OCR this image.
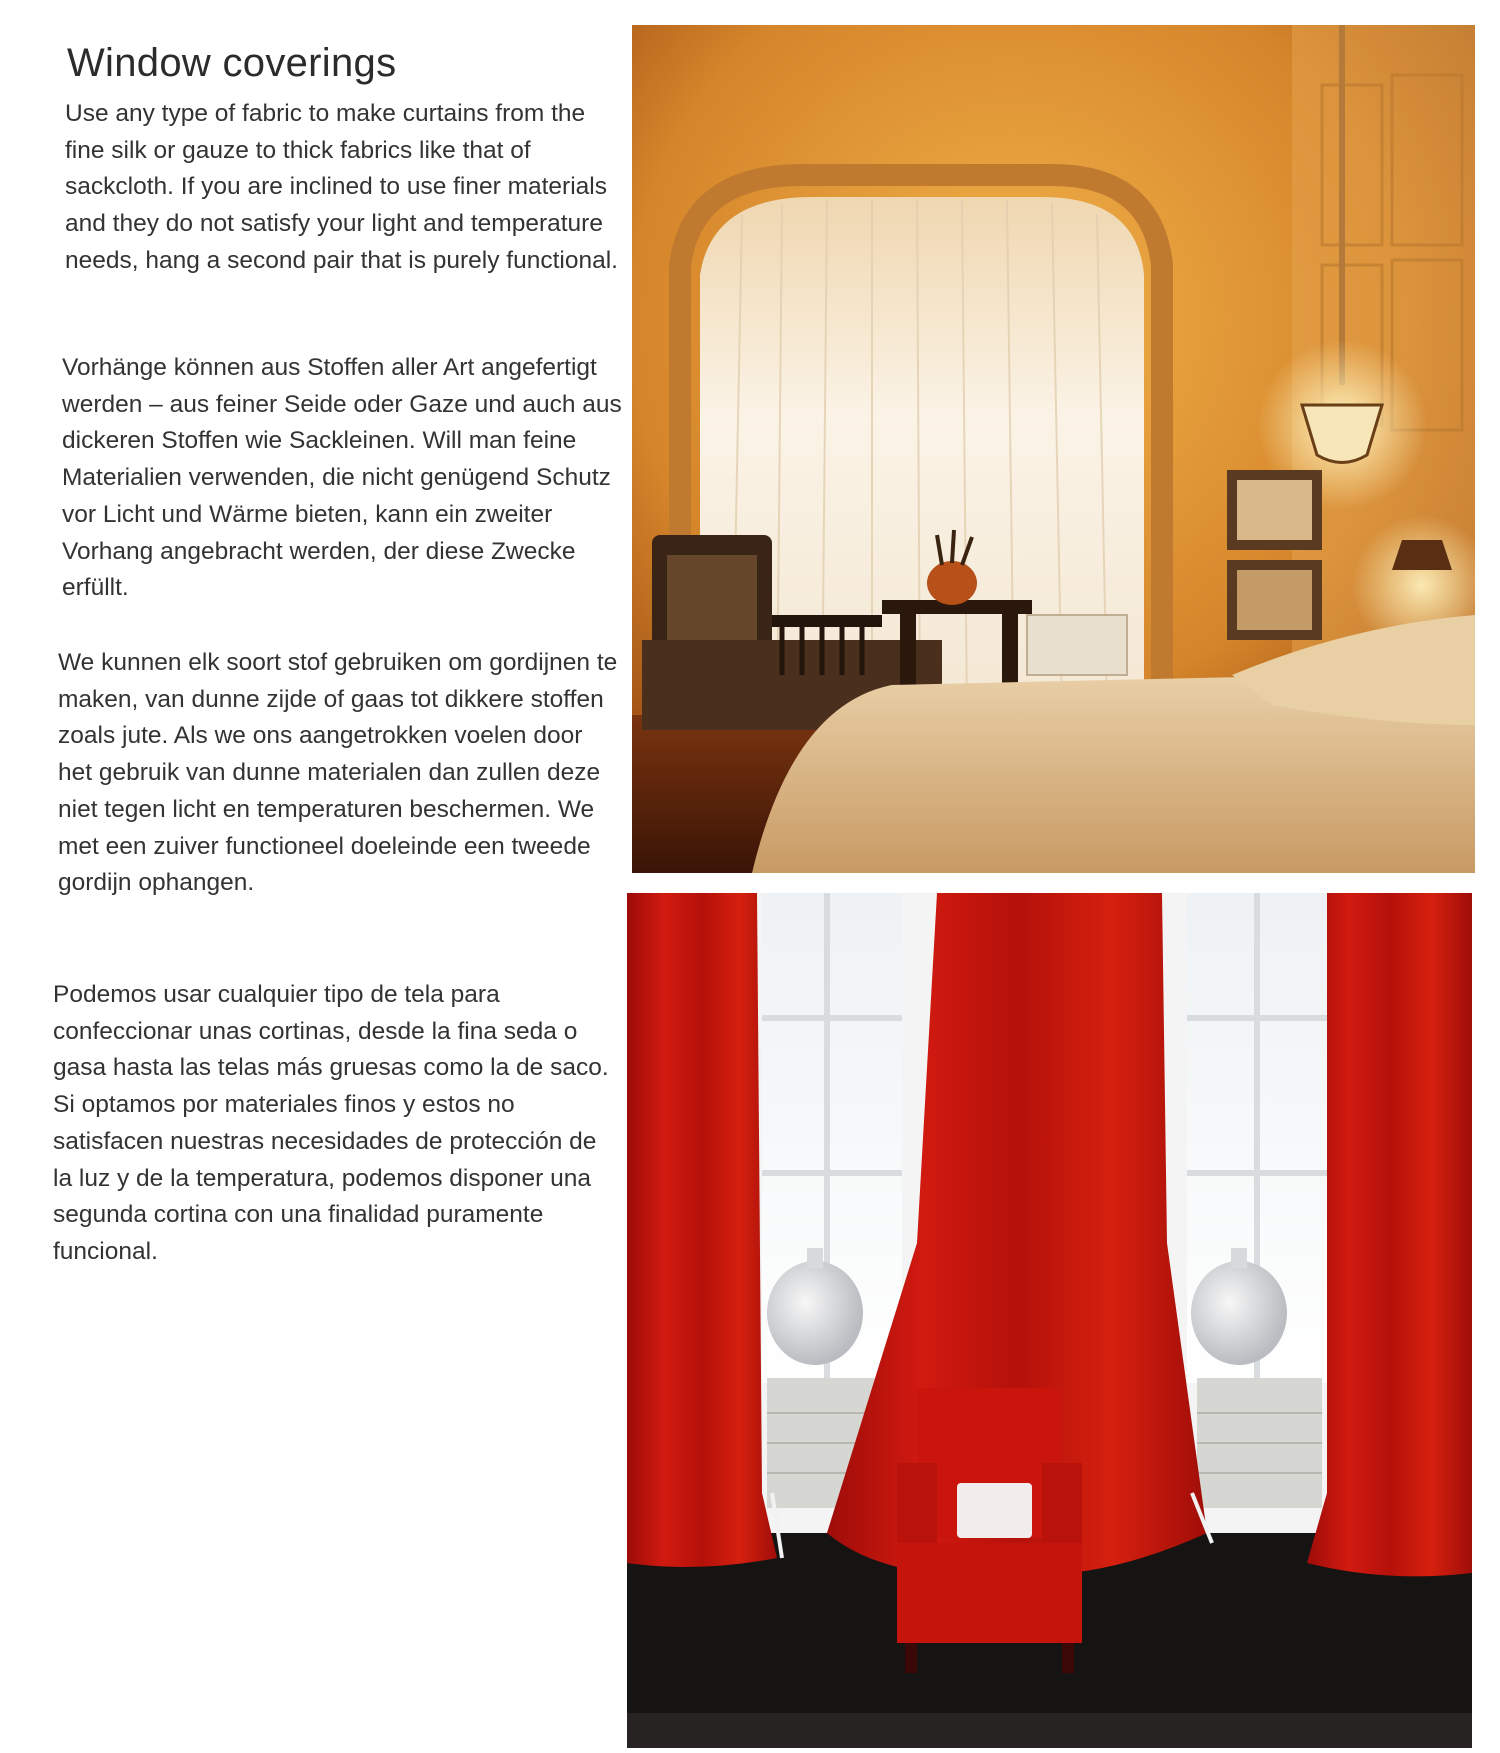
Window coverings

Use any type of fabric to make curtains from the fine silk or gauze to thick fabrics like that of sackcloth. If you are inclined to use finer materials and they do not satisfy your light and temperature needs, hang a second pair that is purely functional.

Vorhänge können aus Stoffen aller Art angefertigt werden – aus feiner Seide oder Gaze und auch aus dickeren Stoffen wie Sackleinen. Will man feine Materialien verwenden, die nicht genügend Schutz vor Licht und Wärme bieten, kann ein zweiter Vorhang angebracht werden, der diese Zwecke erfüllt.

We kunnen elk soort stof gebruiken om gordijnen te maken, van dunne zijde of gaas tot dikkere stoffen zoals jute. Als we ons aangetrokken voelen door het gebruik van dunne materialen dan zullen deze niet tegen licht en temperaturen beschermen. We met een zuiver functioneel doeleinde een tweede gordijn ophangen.

Podemos usar cualquier tipo de tela para confeccionar unas cortinas, desde la fina seda o gasa hasta las telas más gruesas como la de saco. Si optamos por materiales finos y estos no satisfacen nuestras necesidades de protección de la luz y de la temperatura, podemos disponer una segunda cortina con una finalidad puramente funcional.
